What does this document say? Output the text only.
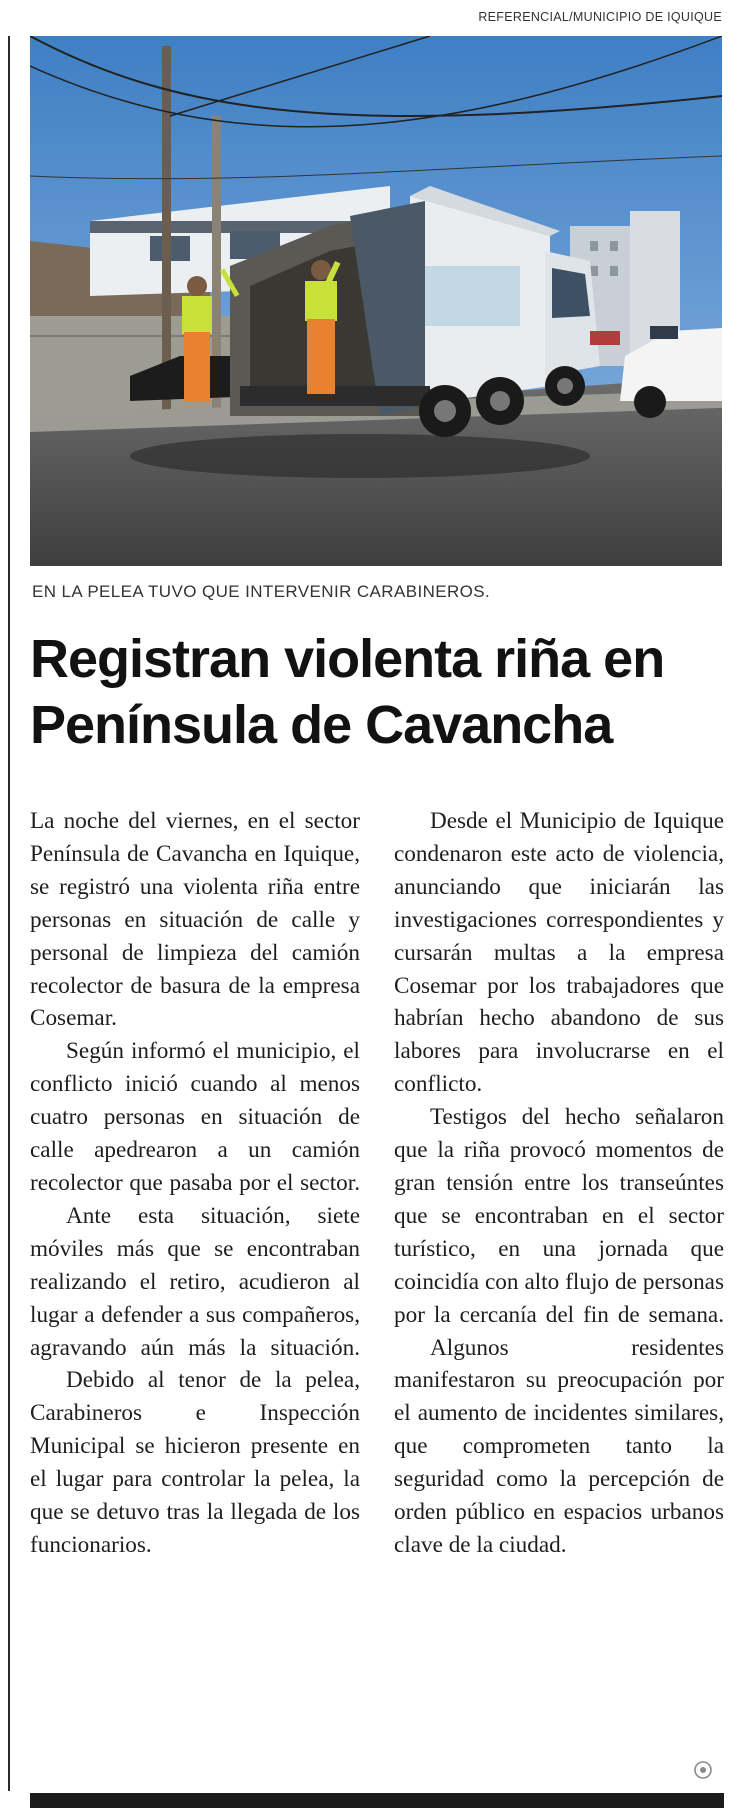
REFERENCIAL/MUNICIPIO DE IQUIQUE
EN LA PELEA TUVO QUE INTERVENIR CARABINEROS.
Registran violenta riña en
Península de Cavancha

La noche del viernes, en el sector Península de Cavancha en Iquique, se registró una violenta riña entre personas en situación de calle y personal de limpieza del camión recolector de basura de la empresa Cosemar.

Según informó el municipio, el conflicto inició cuando al menos cuatro personas en situación de calle apedrearon a un camión recolector que pasaba por el sector.

Ante esta situación, siete móviles más que se encontraban realizando el retiro, acudieron al lugar a defender a sus compañeros, agravando aún más la situación.

Debido al tenor de la pelea, Carabineros e Inspección Municipal se hicieron presente en el lugar para controlar la pelea, la que se detuvo tras la llegada de los funcionarios.

Desde el Municipio de Iquique condenaron este acto de violencia, anunciando que iniciarán las investigaciones correspondientes y cursarán multas a la empresa Cosemar por los trabajadores que habrían hecho abandono de sus labores para involucrarse en el conflicto.

Testigos del hecho señalaron que la riña provocó momentos de gran tensión entre los transeúntes que se encontraban en el sector turístico, en una jornada que coincidía con alto flujo de personas por la cercanía del fin de semana.

Algunos residentes manifestaron su preocupación por el aumento de incidentes similares, que comprometen tanto la seguridad como la percepción de orden público en espacios urbanos clave de la ciudad.
